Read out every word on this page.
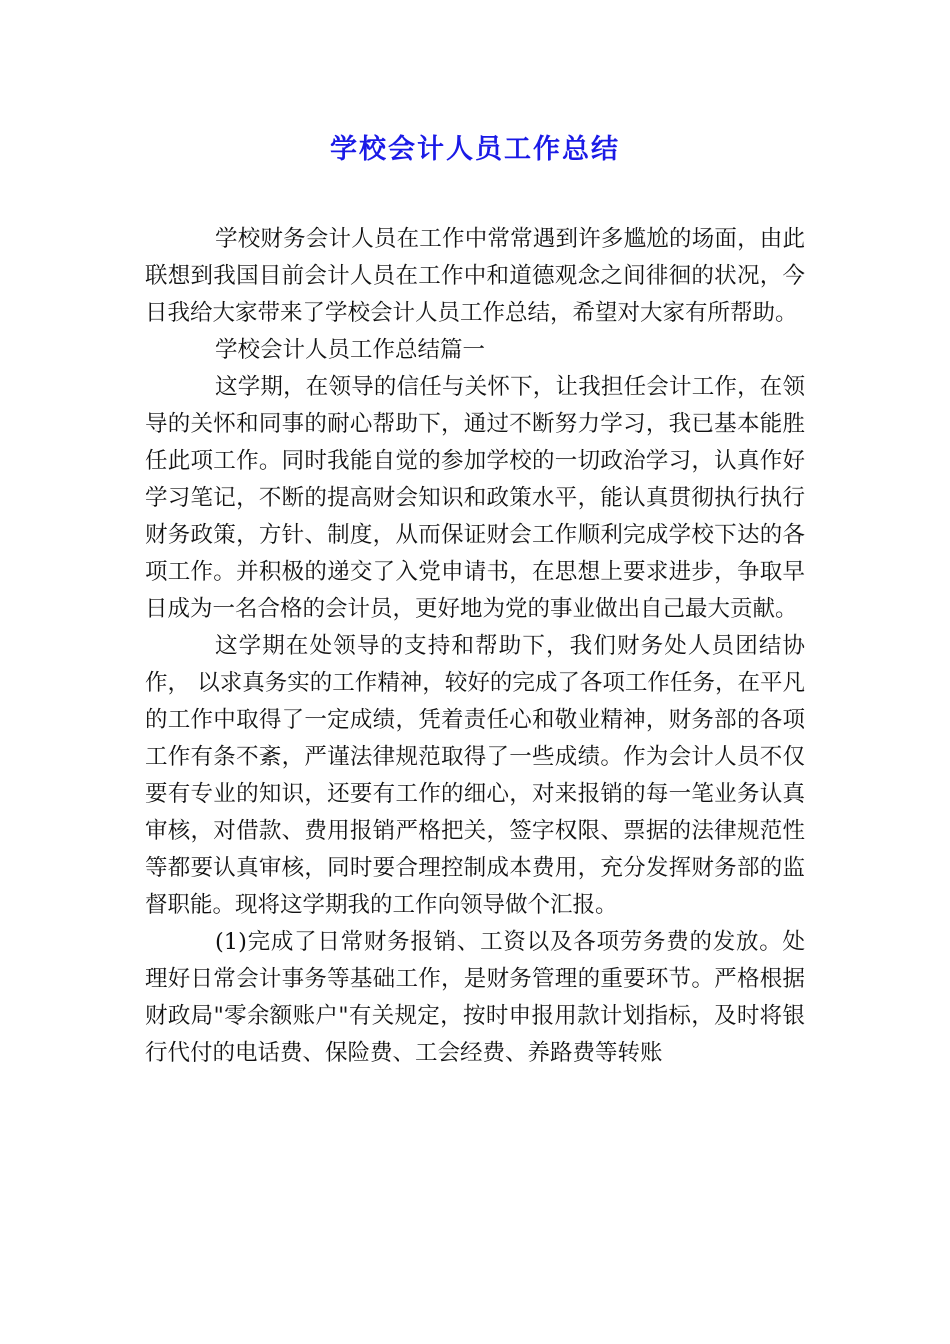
学校会计人员工作总结

学校财务会计人员在工作中常常遇到许多尴尬的场面，由此联想到我国目前会计人员在工作中和道德观念之间徘徊的状况，今日我给大家带来了学校会计人员工作总结，希望对大家有所帮助。

学校会计人员工作总结篇一

这学期，在领导的信任与关怀下，让我担任会计工作，在领导的关怀和同事的耐心帮助下，通过不断努力学习，我已基本能胜任此项工作。同时我能自觉的参加学校的一切政治学习，认真作好学习笔记，不断的提高财会知识和政策水平，能认真贯彻执行执行财务政策，方针、制度，从而保证财会工作顺利完成学校下达的各项工作。并积极的递交了入党申请书，在思想上要求进步，争取早日成为一名合格的会计员，更好地为党的事业做出自己最大贡献。

这学期在处领导的支持和帮助下，我们财务处人员团结协作， 以求真务实的工作精神，较好的完成了各项工作任务，在平凡的工作中取得了一定成绩，凭着责任心和敬业精神，财务部的各项工作有条不紊，严谨法律规范取得了一些成绩。作为会计人员不仅要有专业的知识，还要有工作的细心，对来报销的每一笔业务认真审核，对借款、费用报销严格把关，签字权限、票据的法律规范性等都要认真审核，同时要合理控制成本费用，充分发挥财务部的监督职能。现将这学期我的工作向领导做个汇报。

(1)完成了日常财务报销、工资以及各项劳务费的发放。处理好日常会计事务等基础工作，是财务管理的重要环节。严格根据财政局"零余额账户"有关规定，按时申报用款计划指标，及时将银行代付的电话费、保险费、工会经费、养路费等转账
